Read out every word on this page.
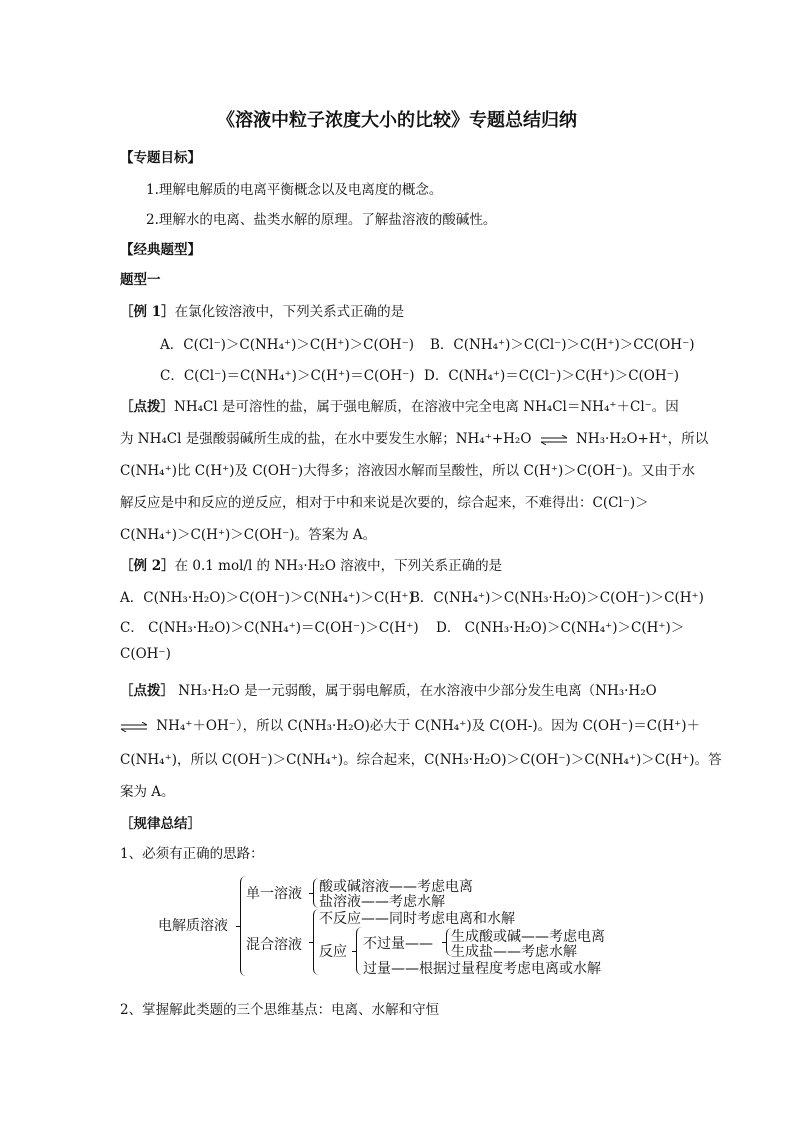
《溶液中粒子浓度大小的比较》专题总结归纳
【专题目标】
1.理解电解质的电离平衡概念以及电离度的概念。
2.理解水的电离、盐类水解的原理。了解盐溶液的酸碱性。
【经典题型】
题型一
［例 1］在氯化铵溶液中，下列关系式正确的是
A．C(Cl⁻)＞C(NH₄⁺)＞C(H⁺)＞C(OH⁻) B．C(NH₄⁺)＞C(Cl⁻)＞C(H⁺)＞CC(OH⁻)
C．C(Cl⁻)＝C(NH₄⁺)＞C(H⁺)＝C(OH⁻) D．C(NH₄⁺)＝C(Cl⁻)＞C(H⁺)＞C(OH⁻)
［点拨］NH₄Cl 是可溶性的盐，属于强电解质，在溶液中完全电离 NH₄Cl＝NH₄⁺＋Cl⁻。因
为 NH₄Cl 是强酸弱碱所生成的盐，在水中要发生水解；NH₄⁺+H₂O ⇌ NH₃·H₂O+H⁺，所以
C(NH₄⁺)比 C(H⁺)及 C(OH⁻)大得多；溶液因水解而呈酸性，所以 C(H⁺)＞C(OH⁻)。又由于水
解反应是中和反应的逆反应，相对于中和来说是次要的，综合起来，不难得出：C(Cl⁻)＞
C(NH₄⁺)＞C(H⁺)＞C(OH⁻)。答案为 A。
［例 2］在 0.1 mol/l 的 NH₃·H₂O 溶液中，下列关系正确的是
A．C(NH₃·H₂O)＞C(OH⁻)＞C(NH₄⁺)＞C(H⁺)
B．C(NH₄⁺)＞C(NH₃·H₂O)＞C(OH⁻)＞C(H⁺)
C． C(NH₃·H₂O)＞C(NH₄⁺)＝C(OH⁻)＞C(H⁺) D． C(NH₃·H₂O)＞C(NH₄⁺)＞C(H⁺)＞
C(OH⁻)
［点拨］ NH₃·H₂O 是一元弱酸，属于弱电解质，在水溶液中少部分发生电离（NH₃·H₂O
⇌ NH₄⁺＋OH⁻），所以 C(NH₃·H₂O)必大于 C(NH₄⁺)及 C(OH-)。因为 C(OH⁻)＝C(H⁺)＋
C(NH₄⁺)，所以 C(OH⁻)＞C(NH₄⁺)。综合起来，C(NH₃·H₂O)＞C(OH⁻)＞C(NH₄⁺)＞C(H⁺)。答
案为 A。
［规律总结］
1、必须有正确的思路：
电解质溶液
单一溶液 酸或碱溶液——考虑电离
盐溶液——考虑水解
混合溶液
不反应——同时考虑电离和水解
反应 不过量—— 生成酸或碱——考虑电离
生成盐——考虑水解
过量——根据过量程度考虑电离或水解
2、掌握解此类题的三个思维基点：电离、水解和守恒
